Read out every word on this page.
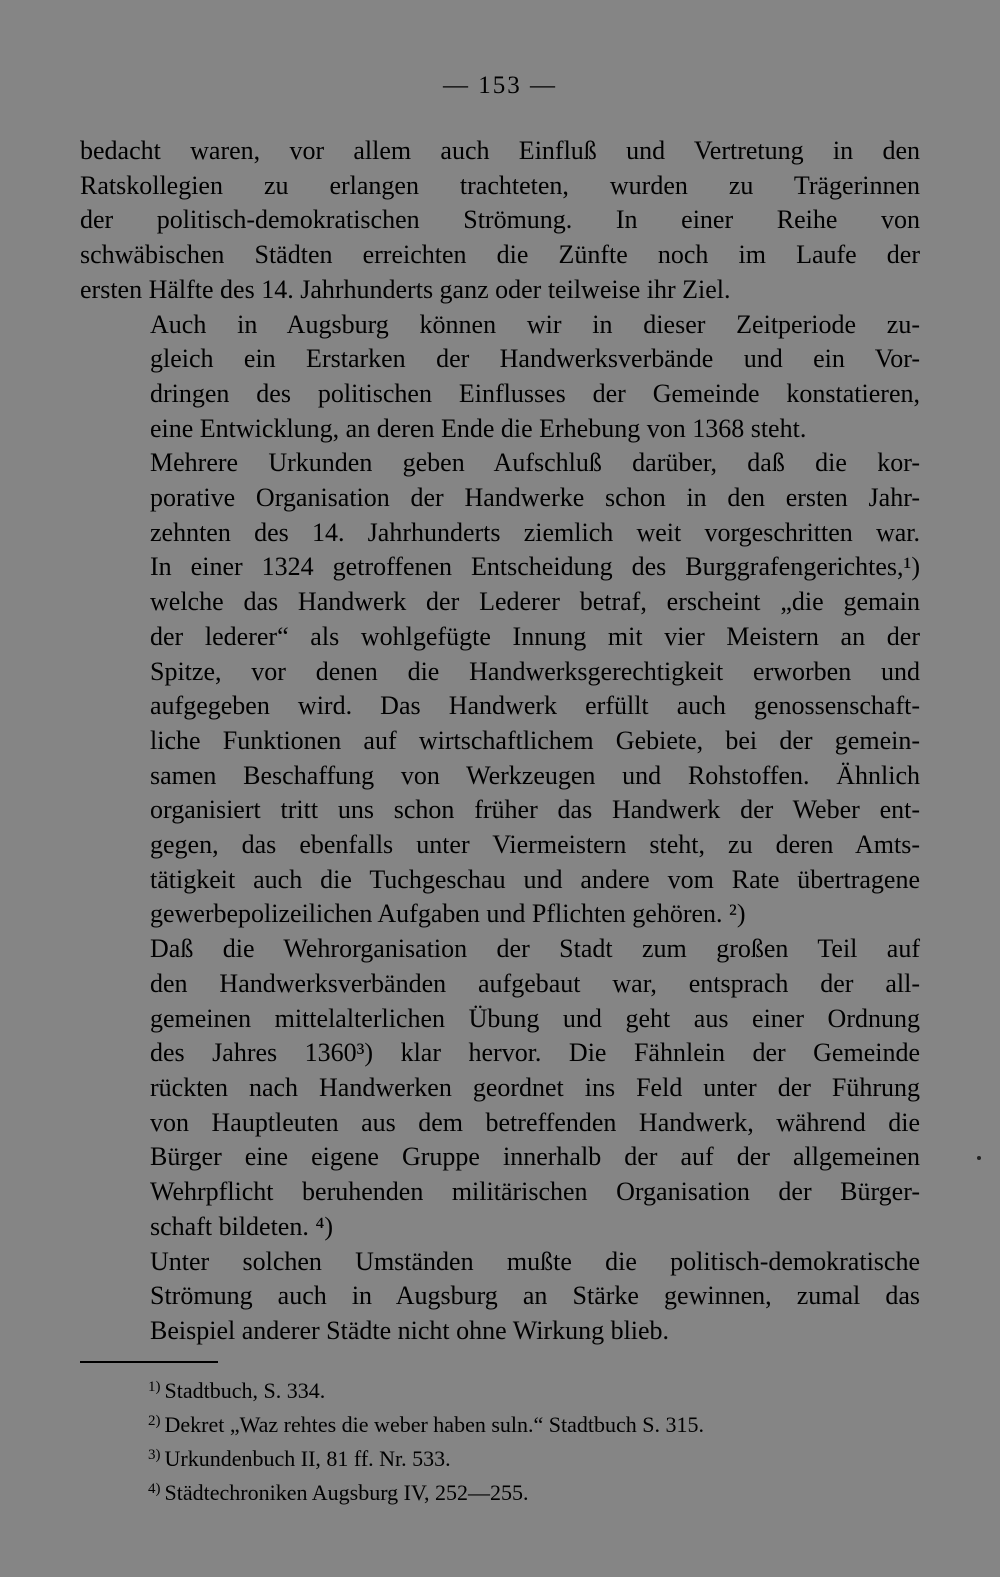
— 153 —

bedacht waren, vor allem auch Einfluß und Vertretung in den
Ratskollegien zu erlangen trachteten, wurden zu Trägerinnen
der politisch-demokratischen Strömung. In einer Reihe von
schwäbischen Städten erreichten die Zünfte noch im Laufe der
ersten Hälfte des 14. Jahrhunderts ganz oder teilweise ihr Ziel.

Auch in Augsburg können wir in dieser Zeitperiode zu-
gleich ein Erstarken der Handwerksverbände und ein Vor-
dringen des politischen Einflusses der Gemeinde konstatieren,
eine Entwicklung, an deren Ende die Erhebung von 1368 steht.

Mehrere Urkunden geben Aufschluß darüber, daß die kor-
porative Organisation der Handwerke schon in den ersten Jahr-
zehnten des 14. Jahrhunderts ziemlich weit vorgeschritten war.
In einer 1324 getroffenen Entscheidung des Burggrafengerichtes,¹)
welche das Handwerk der Lederer betraf, erscheint „die gemain
der lederer“ als wohlgefügte Innung mit vier Meistern an der
Spitze, vor denen die Handwerksgerechtigkeit erworben und
aufgegeben wird. Das Handwerk erfüllt auch genossenschaft-
liche Funktionen auf wirtschaftlichem Gebiete, bei der gemein-
samen Beschaffung von Werkzeugen und Rohstoffen. Ähnlich
organisiert tritt uns schon früher das Handwerk der Weber ent-
gegen, das ebenfalls unter Viermeistern steht, zu deren Amts-
tätigkeit auch die Tuchgeschau und andere vom Rate übertragene
gewerbepolizeilichen Aufgaben und Pflichten gehören. ²)

Daß die Wehrorganisation der Stadt zum großen Teil auf
den Handwerksverbänden aufgebaut war, entsprach der all-
gemeinen mittelalterlichen Übung und geht aus einer Ordnung
des Jahres 1360³) klar hervor. Die Fähnlein der Gemeinde
rückten nach Handwerken geordnet ins Feld unter der Führung
von Hauptleuten aus dem betreffenden Handwerk, während die
Bürger eine eigene Gruppe innerhalb der auf der allgemeinen
Wehrpflicht beruhenden militärischen Organisation der Bürger-
schaft bildeten. ⁴)

Unter solchen Umständen mußte die politisch-demokratische
Strömung auch in Augsburg an Stärke gewinnen, zumal das
Beispiel anderer Städte nicht ohne Wirkung blieb.

1) Stadtbuch, S. 334.
2) Dekret „Waz rehtes die weber haben suln.“ Stadtbuch S. 315.
3) Urkundenbuch II, 81 ff. Nr. 533.
4) Städtechroniken Augsburg IV, 252—255.
